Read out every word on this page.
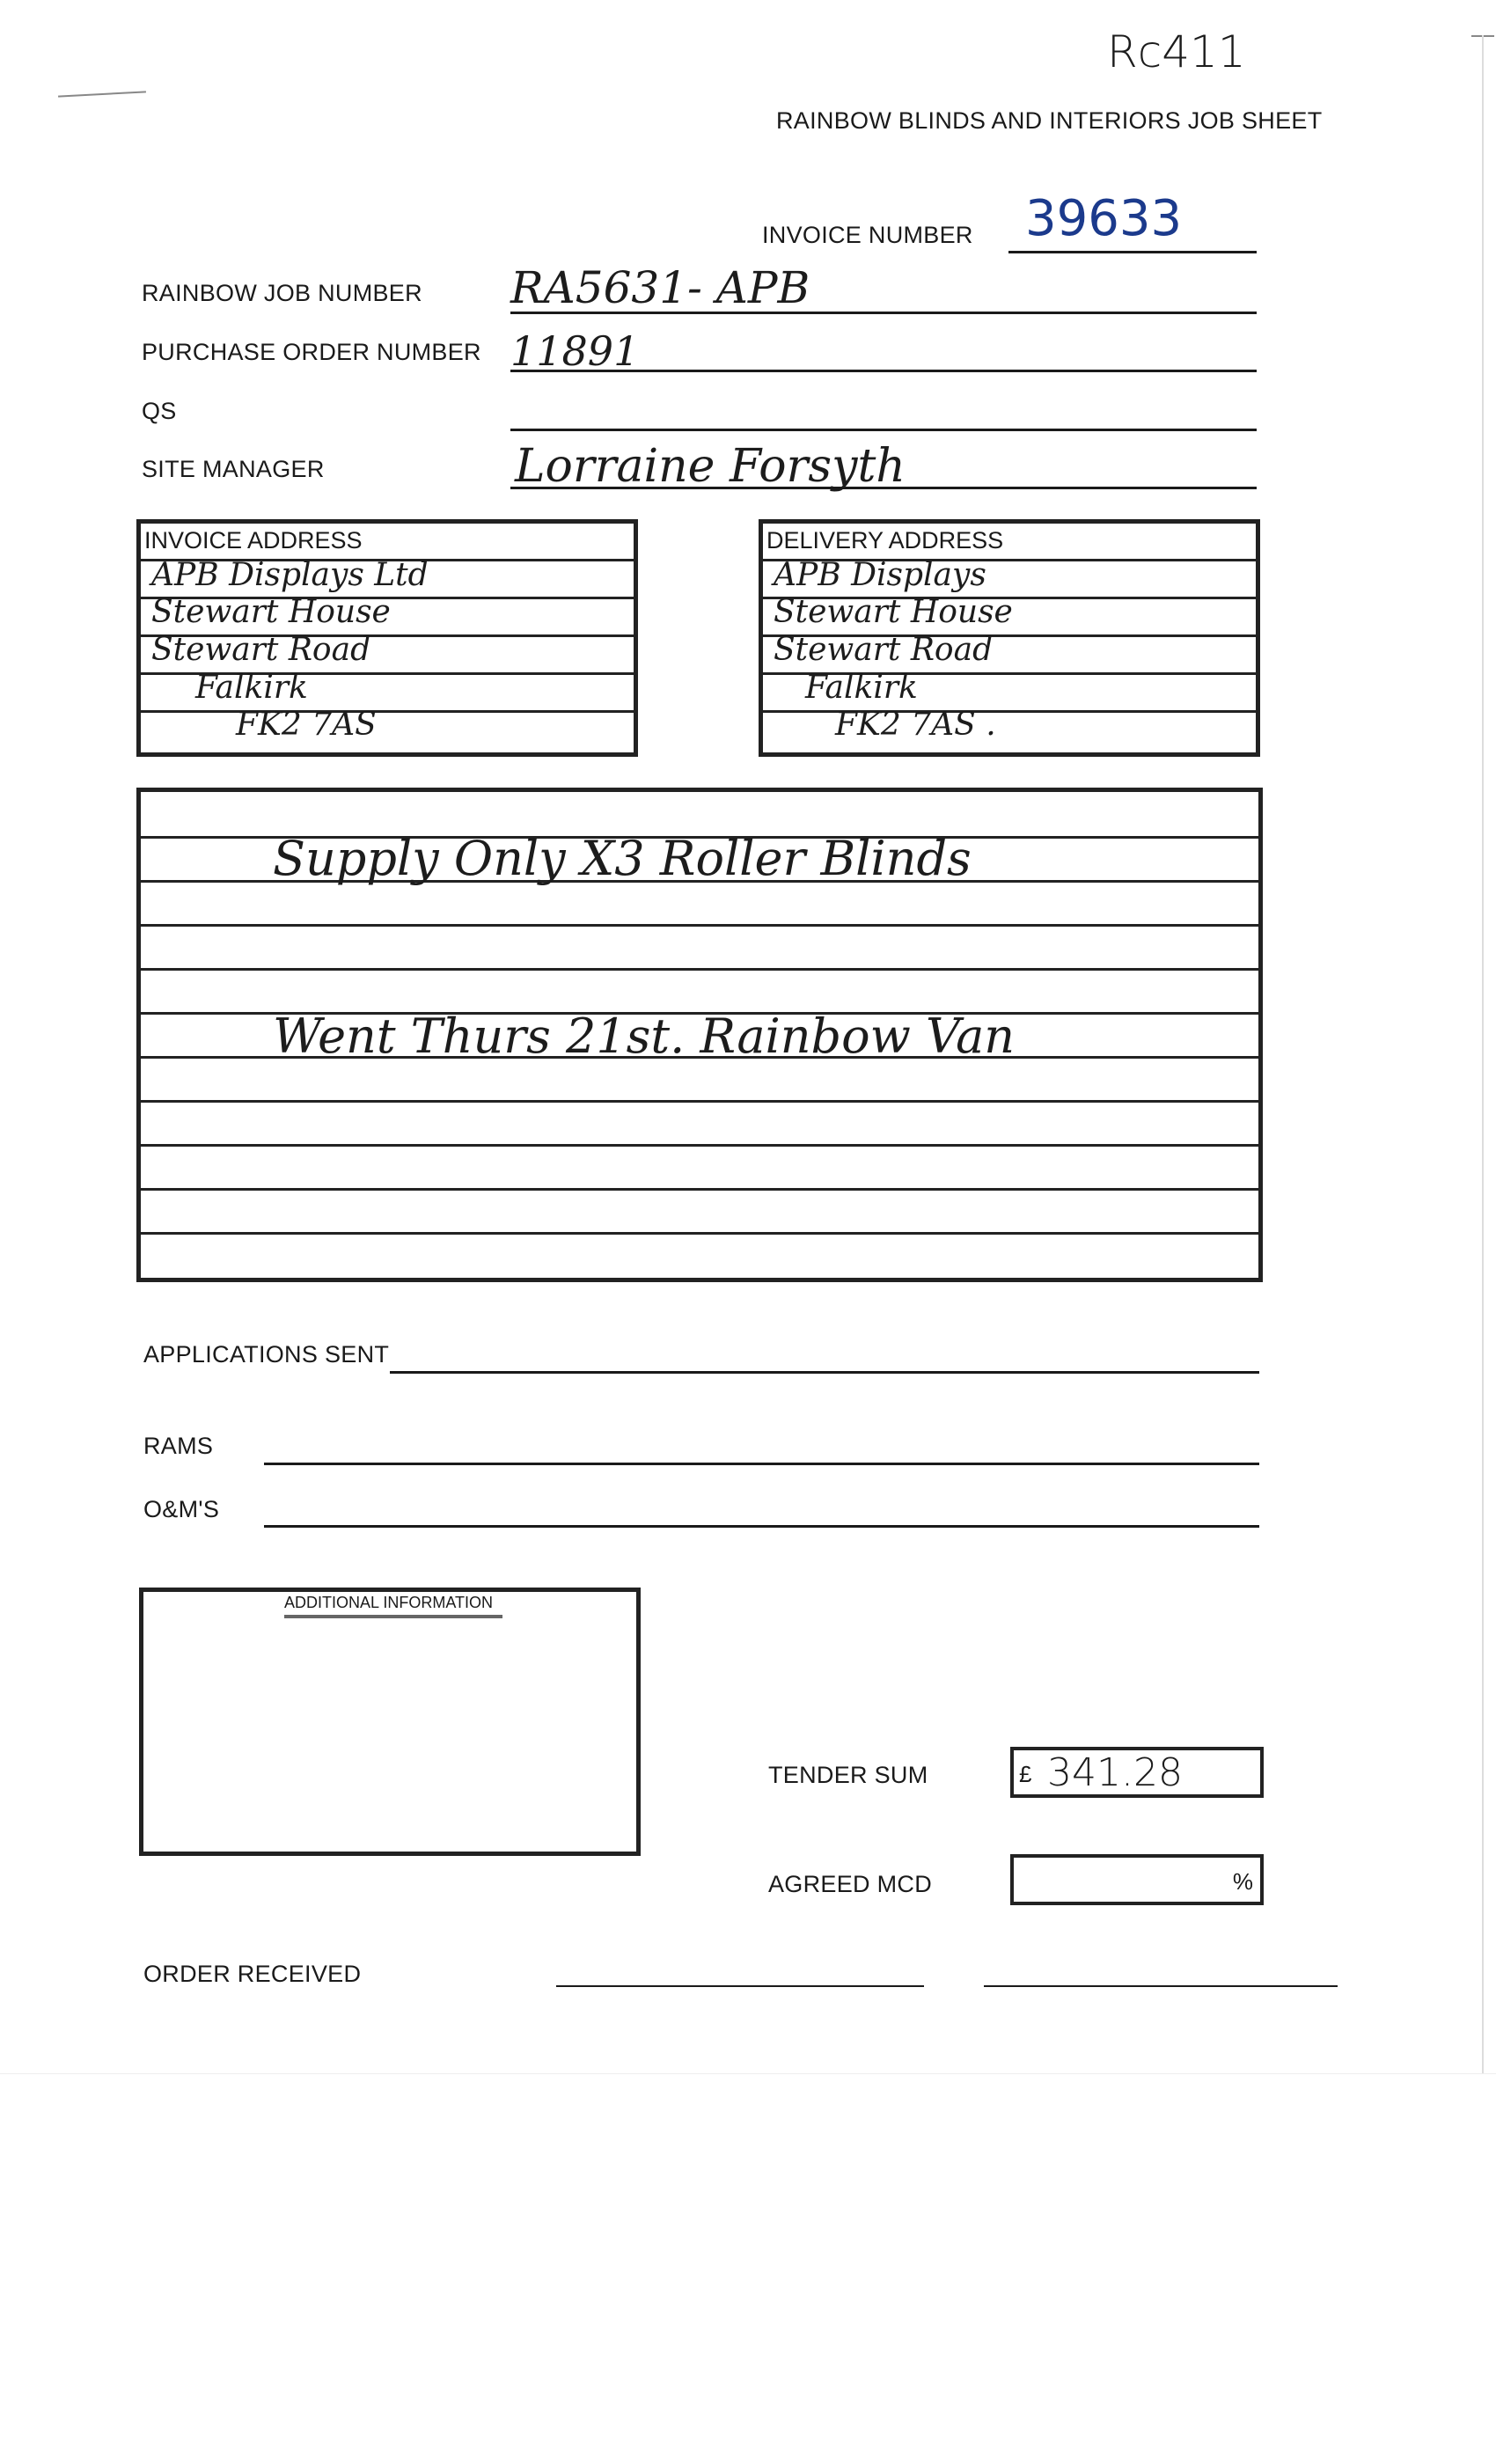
Rc411
RAINBOW BLINDS AND INTERIORS JOB SHEET
INVOICE NUMBER 39633
RAINBOW JOB NUMBER RA5631- APB
PURCHASE ORDER NUMBER 11891
QS
SITE MANAGER	Lorraine Forsyth
INVOICE ADDRESS
APB Displays Ltd
Stewart House
Stewart Road
Falkirk
FK2 7AS
DELIVERY ADDRESS
APB Displays
Stewart House
Stewart Road
Falkirk
FK2 7AS .
Supply Only X3 Roller Blinds
Went Thurs 21st. Rainbow Van
APPLICATIONS SENT
RAMS
O&M'S
ADDITIONAL INFORMATION
TENDER SUM	£ 341.28
AGREED MCD	%
ORDER RECEIVED
